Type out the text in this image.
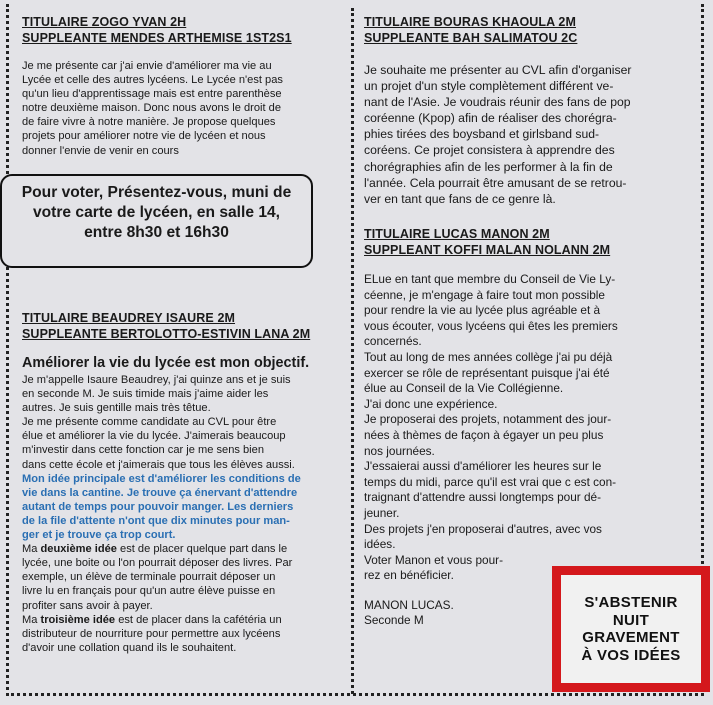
TITULAIRE ZOGO YVAN 2H

SUPPLEANTE MENDES ARTHEMISE 1ST2S1

Je me présente car j'ai envie d'améliorer ma vie au

Lycée et celle des autres lycéens. Le Lycée n'est pas

qu'un lieu d'apprentissage mais est entre parenthèse

notre deuxième maison. Donc nous avons le droit de

de faire vivre à notre manière. Je propose quelques

projets pour améliorer notre vie de lycéen et nous

donner l'envie de venir en cours

Pour voter, Présentez-vous, muni de
votre carte de lycéen, en salle 14,
entre 8h30 et 16h30

TITULAIRE BEAUDREY ISAURE 2M

SUPPLEANTE BERTOLOTTO-ESTIVIN LANA 2M

Améliorer la vie du lycée est mon objectif.

Je m'appelle Isaure Beaudrey, j'ai quinze ans et je suis

en seconde M. Je suis timide mais j'aime aider les

autres. Je suis gentille mais très têtue.

Je me présente comme candidate au CVL pour être

élue et améliorer la vie du lycée. J'aimerais beaucoup

m'investir dans cette fonction car je me sens bien

dans cette école et j'aimerais que tous les élèves aussi.

Mon idée principale est d'améliorer les conditions de

vie dans la cantine. Je trouve ça énervant d'attendre

autant de temps pour pouvoir manger. Les derniers

de la file d'attente n'ont que dix minutes pour man-

ger et je trouve ça trop court.

Ma deuxième idée est de placer quelque part dans le

lycée, une boite ou l'on pourrait déposer des livres. Par

exemple, un élève de terminale pourrait déposer un

livre lu en français pour qu'un autre élève puisse en

profiter sans avoir à payer.

Ma troisième idée est de placer dans la cafétéria un

distributeur de nourriture pour permettre aux lycéens

d'avoir une collation quand ils le souhaitent.

TITULAIRE BOURAS KHAOULA 2M

SUPPLEANTE BAH SALIMATOU 2C

Je souhaite me présenter au CVL afin d'organiser

un projet d'un style complètement différent ve-

nant de l'Asie. Je voudrais réunir des fans de pop

coréenne (Kpop) afin de réaliser des chorégra-

phies tirées des boysband et girlsband sud-

coréens. Ce projet consistera à apprendre des

chorégraphies afin de les performer à la fin de

l'année. Cela pourrait être amusant de se retrou-

ver en tant que fans de ce genre là.

TITULAIRE LUCAS MANON 2M

SUPPLEANT KOFFI MALAN NOLANN 2M

ELue en tant que membre du Conseil de Vie Ly-

céenne, je m'engage à faire tout mon possible

pour rendre la vie au lycée plus agréable et à

vous écouter, vous lycéens qui êtes les premiers

concernés.

Tout au long de mes années collège j'ai pu déjà

exercer se rôle de représentant puisque j'ai été

élue au Conseil de la Vie Collégienne.

J'ai donc une expérience.

Je proposerai des projets, notamment des jour-

nées à thèmes de façon à égayer un peu plus

nos journées.

J'essaierai aussi d'améliorer les heures sur le

temps du midi, parce qu'il est vrai que c est con-

traignant d'attendre aussi longtemps pour dé-

jeuner.

Des projets j'en proposerai d'autres, avec vos

idées.

Voter Manon et vous pour-

rez en bénéficier.

MANON LUCAS.

Seconde M

S'ABSTENIR
NUIT
GRAVEMENT
À VOS IDÉES
